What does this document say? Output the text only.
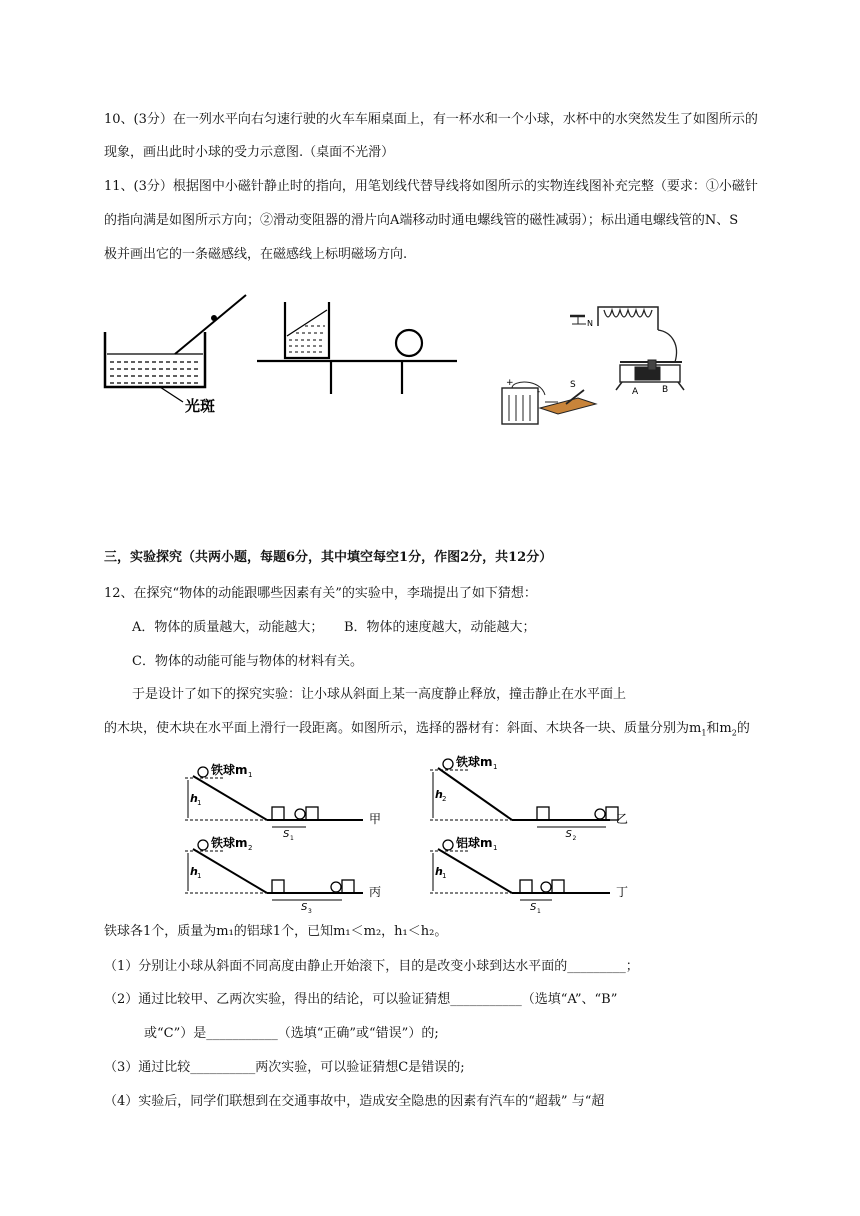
10、(3分）在一列水平向右匀速行驶的火车车厢桌面上，有一杯水和一个小球，水杯中的水突然发生了如图所示的
现象，画出此时小球的受力示意图.（桌面不光滑）
11、(3分）根据图中小磁针静止时的指向，用笔划线代替导线将如图所示的实物连线图补充完整（要求：①小磁针
的指向满是如图所示方向；②滑动变阻器的滑片向A端移动时通电螺线管的磁性减弱）；标出通电螺线管的N、S
极并画出它的一条磁感线，在磁感线上标明磁场方向.
光斑
N
S
A	B
+
-
三，实验探究（共两小题，每题6分，其中填空每空1分，作图2分，共12分）
12、在探究“物体的动能跟哪些因素有关”的实验中，李瑞提出了如下猜想：
A．物体的质量越大，动能越大； B．物体的速度越大，动能越大；
C．物体的动能可能与物体的材料有关。
于是设计了如下的探究实验：让小球从斜面上某一高度静止释放，撞击静止在水平面上
的木块，使木块在水平面上滑行一段距离。如图所示，选择的器材有：斜面、木块各一块、质量分别为$m_1$和$m_2$的
铁球m 1
h 1
S 1
甲
铁球m 1
h 2
S 2
乙
铁球m 2
h 1
S 3
丙
铝球m 1
h 1
S 1
丁
铁球各1个，质量为m₁的铝球1个，已知m₁＜m₂，h₁＜h₂。
（1）分别让小球从斜面不同高度由静止开始滚下，目的是改变小球到达水平面的_________；
（2）通过比较甲、乙两次实验，得出的结论，可以验证猜想___________（选填“A”、“B”
或“C”）是___________（选填“正确”或“错误”）的;
（3）通过比较__________两次实验，可以验证猜想C是错误的;
（4）实验后，同学们联想到在交通事故中，造成安全隐患的因素有汽车的“超载” 与“超
